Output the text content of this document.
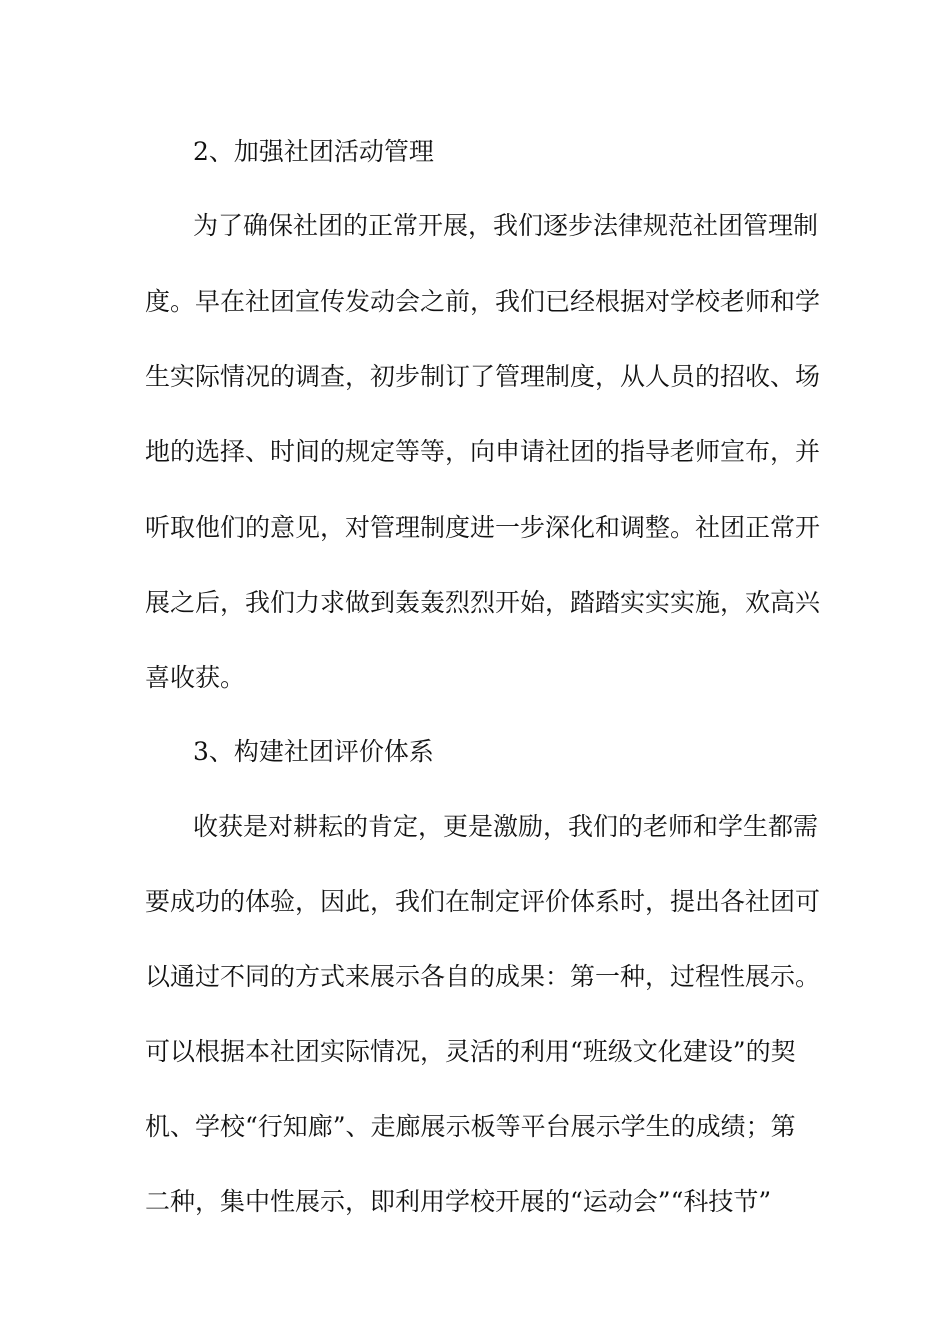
2、加强社团活动管理
为了确保社团的正常开展，我们逐步法律规范社团管理制
度。早在社团宣传发动会之前，我们已经根据对学校老师和学
生实际情况的调查，初步制订了管理制度，从人员的招收、场
地的选择、时间的规定等等，向申请社团的指导老师宣布，并
听取他们的意见，对管理制度进一步深化和调整。社团正常开
展之后，我们力求做到轰轰烈烈开始，踏踏实实实施，欢高兴
喜收获。
3、构建社团评价体系
收获是对耕耘的肯定，更是激励，我们的老师和学生都需
要成功的体验，因此，我们在制定评价体系时，提出各社团可
以通过不同的方式来展示各自的成果：第一种，过程性展示。
可以根据本社团实际情况，灵活的利用“班级文化建设”的契
机、学校“行知廊”、走廊展示板等平台展示学生的成绩；第
二种，集中性展示，即利用学校开展的“运动会”“科技节”
